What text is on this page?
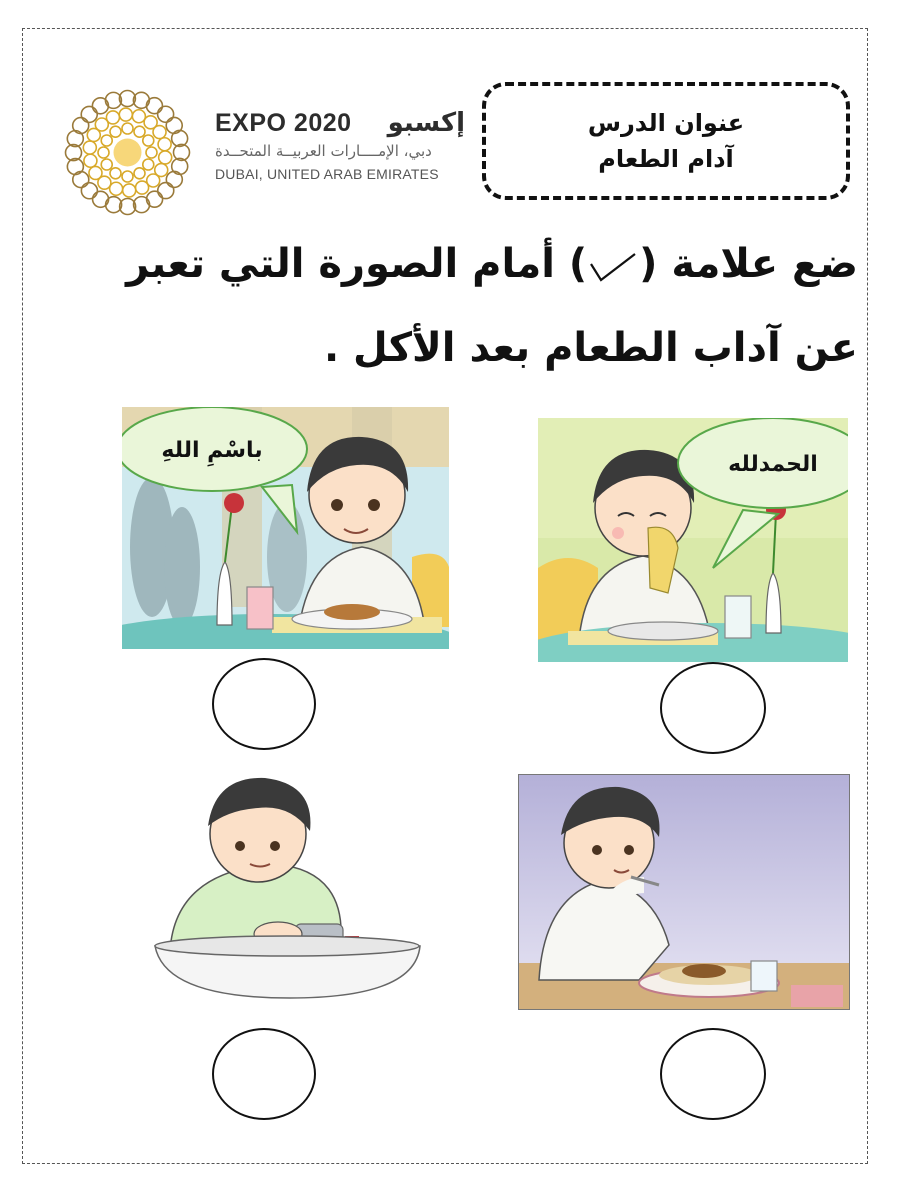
EXPO 2020 إكسبو
دبي، الإمــــارات العربيــة المتحــدة
DUBAI, UNITED ARAB EMIRATES
عنوان الدرس
آدام الطعام
ضع علامة () أمام الصورة التي تعبر
عن آداب الطعام بعد الأكل .
الحمدلله
باسْمِ اللهِ
